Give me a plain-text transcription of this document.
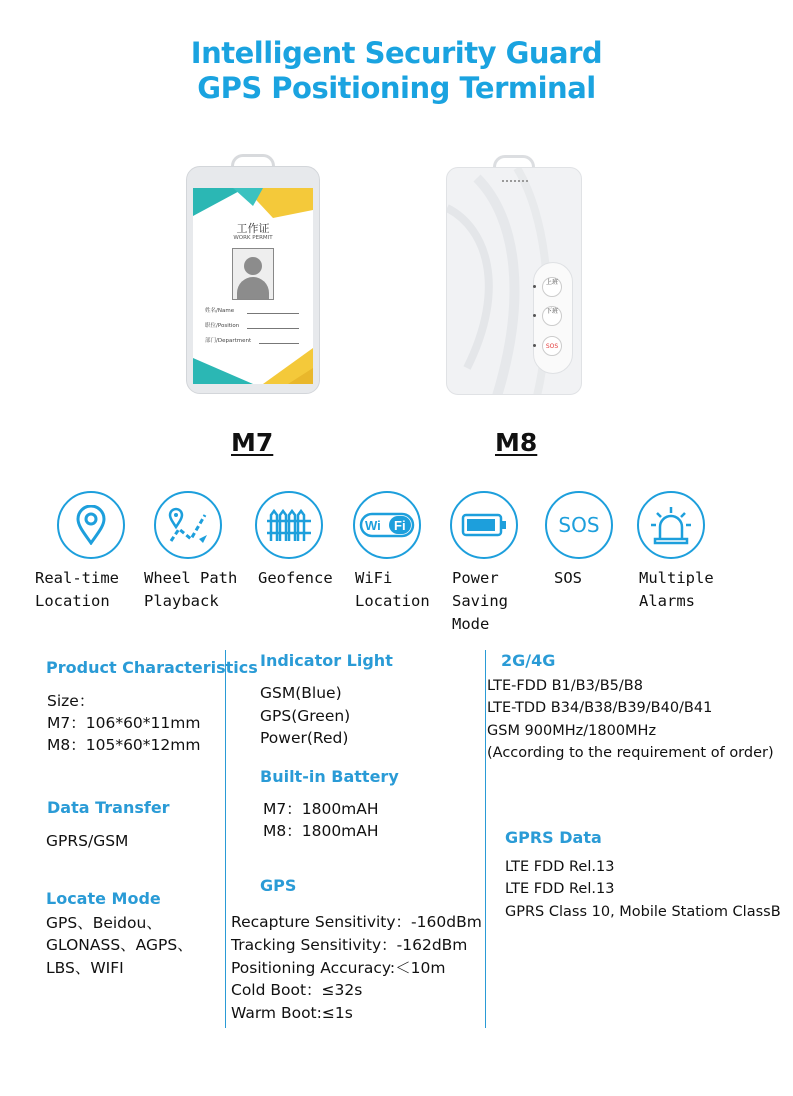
Intelligent Security Guard
GPS Positioning Terminal
工作证
WORK PERMIT
姓名/Name
职位/Position
部门/Department
上班
下班
SOS
M7	M8
Wi Fi	SOS
Real-time
Location
Wheel Path
Playback
Geofence WiFi
Location
Power
Saving
Mode
SOS	Multiple
Alarms
Product Characteristics
Size：
M7：106*60*11mm
M8：105*60*12mm
Data Transfer
GPRS/GSM
Locate Mode
GPS、Beidou、
GLONASS、AGPS、
LBS、WIFI
Indicator Light
GSM(Blue)
GPS(Green)
Power(Red)
Built-in Battery
M7：1800mAH
M8：1800mAH
GPS
Recapture Sensitivity：-160dBm
Tracking Sensitivity：-162dBm
Positioning Accuracy:＜10m
Cold Boot：≤32s
Warm Boot:≤1s
2G/4G
LTE-FDD B1/B3/B5/B8
LTE-TDD B34/B38/B39/B40/B41
GSM 900MHz/1800MHz
(According to the requirement of order)
GPRS Data
LTE FDD Rel.13
LTE FDD Rel.13
GPRS Class 10, Mobile Statiom ClassB
